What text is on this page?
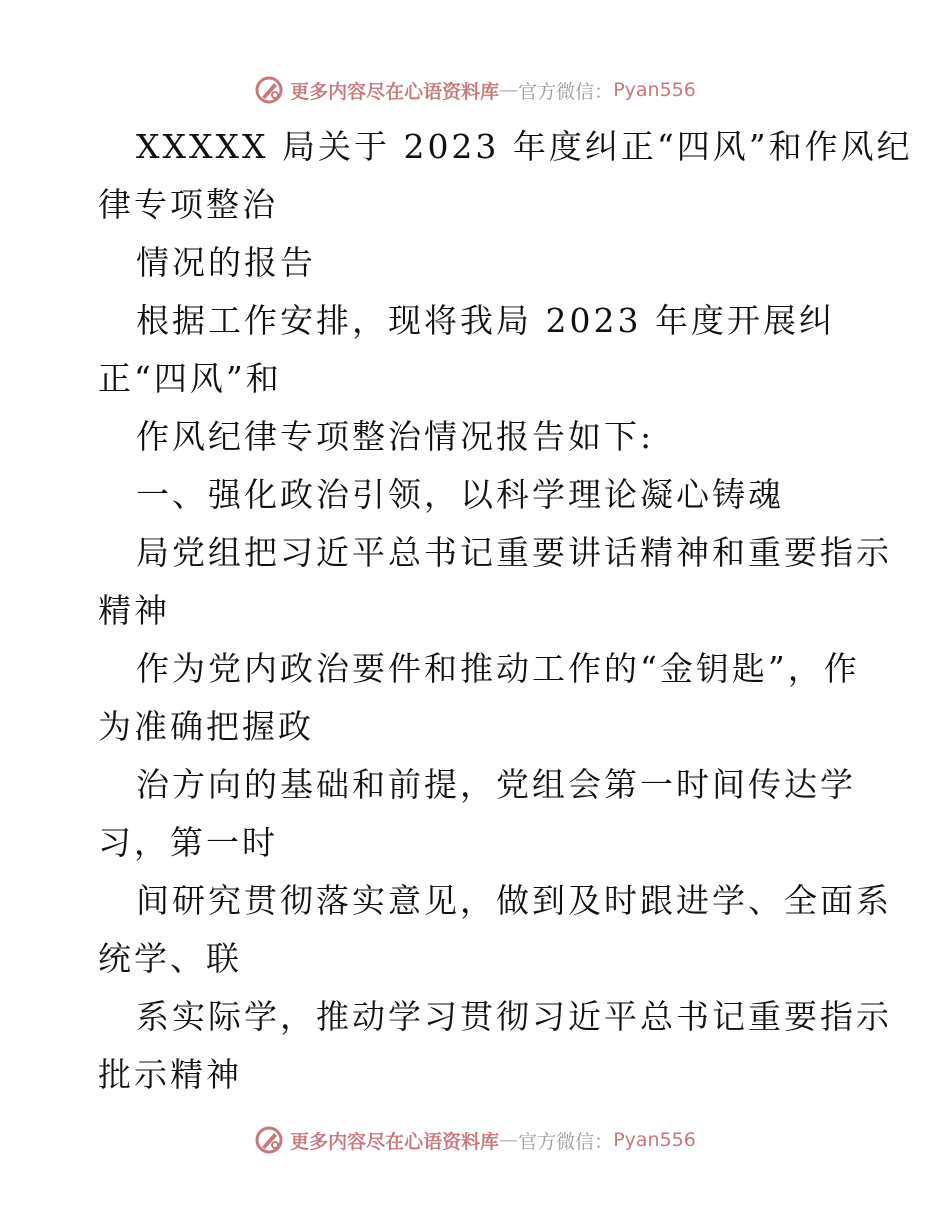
更多内容尽在心语资料库 — 官方微信： Pyan556
XXXXX 局关于 2023 年度纠正“四风”和作风纪
律专项整治
情况的报告
根据工作安排，现将我局 2023 年度开展纠
正“四风”和
作风纪律专项整治情况报告如下:
一、强化政治引领，以科学理论凝心铸魂
局党组把习近平总书记重要讲话精神和重要指示
精神
作为党内政治要件和推动工作的“金钥匙”，作
为准确把握政
治方向的基础和前提，党组会第一时间传达学
习，第一时
间研究贯彻落实意见，做到及时跟进学、全面系
统学、联
系实际学，推动学习贯彻习近平总书记重要指示
批示精神
更多内容尽在心语资料库 — 官方微信： Pyan556
